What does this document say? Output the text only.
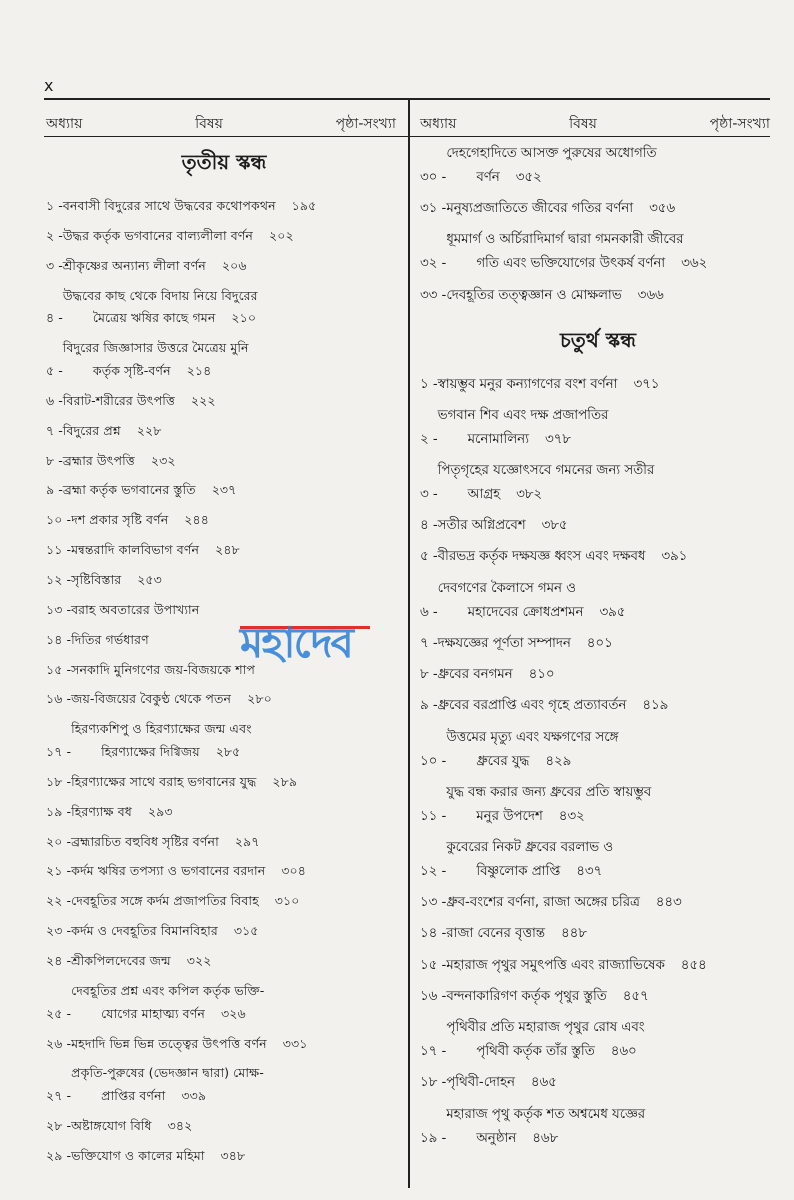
x
অধ্যায়	বিষয়	পৃষ্ঠা-সংখ্যা অধ্যায়	বিষয়	পৃষ্ঠা-সংখ্যা
তৃতীয় স্কন্ধ
১ - বনবাসী বিদুরের সাথে উদ্ধবের কথোপকথন ১৯৫
২ - উদ্ধর কর্তৃক ভগবানের বাল্যলীলা বর্ণন ২০২
৩ - শ্রীকৃষ্ণের অন্যান্য লীলা বর্ণন ২০৬
৪ -
উদ্ধবের কাছ থেকে বিদায় নিয়ে বিদুরের
মৈত্রেয় ঋষির কাছে গমন ২১০
৫ -
বিদুরের জিজ্ঞাসার উত্তরে মৈত্রেয় মুনি
কর্তৃক সৃষ্টি-বর্ণন ২১৪
৬ - বিরাট-শরীরের উৎপত্তি ২২২
৭ - বিদুরের প্রশ্ন ২২৮
৮ - ব্রহ্মার উৎপত্তি ২৩২
৯ - ব্রহ্মা কর্তৃক ভগবানের স্তুতি ২৩৭
১০ - দশ প্রকার সৃষ্টি বর্ণন ২৪৪
১১ - মন্বন্তরাদি কালবিভাগ বর্ণন ২৪৮
১২ - সৃষ্টিবিস্তার ২৫৩
১৩ - বরাহ অবতারের উপাখ্যান
১৪ - দিতির গর্ভধারণ
১৫ - সনকাদি মুনিগণের জয়-বিজয়কে শাপ
১৬ - জয়-বিজয়ের বৈকুণ্ঠ থেকে পতন ২৮০
১৭ -
হিরণ্যকশিপু ও হিরণ্যাক্ষের জন্ম এবং
হিরণ্যাক্ষের দিগ্বিজয় ২৮৫
১৮ - হিরণ্যাক্ষের সাথে বরাহ ভগবানের যুদ্ধ ২৮৯
১৯ - হিরণ্যাক্ষ বধ ২৯৩
২০ - ব্রহ্মারচিত বহুবিধ সৃষ্টির বর্ণনা ২৯৭
২১ - কর্দম ঋষির তপস্যা ও ভগবানের বরদান ৩০৪
২২ - দেবহূতির সঙ্গে কর্দম প্রজাপতির বিবাহ ৩১০
২৩ - কর্দম ও দেবহূতির বিমানবিহার ৩১৫
২৪ - শ্রীকপিলদেবের জন্ম ৩২২
২৫ -
দেবহূতির প্রশ্ন এবং কপিল কর্তৃক ভক্তি-
যোগের মাহাত্ম্য বর্ণন ৩২৬
২৬ - মহদাদি ভিন্ন ভিন্ন তত্ত্বের উৎপত্তি বর্ণন ৩৩১
২৭ -
প্রকৃতি-পুরুষের (ভেদজ্ঞান দ্বারা) মোক্ষ-
প্রাপ্তির বর্ণনা ৩৩৯
২৮ - অষ্টাঙ্গযোগ বিধি ৩৪২
২৯ - ভক্তিযোগ ও কালের মহিমা ৩৪৮
৩০ -
দেহগেহাদিতে আসক্ত পুরুষের অধোগতি
বর্ণন ৩৫২
৩১ - মনুষ্যপ্রজাতিতে জীবের গতির বর্ণনা ৩৫৬
৩২ -
ধূমমার্গ ও অর্চিরাদিমার্গ দ্বারা গমনকারী জীবের
গতি এবং ভক্তিযোগের উৎকর্ষ বর্ণনা ৩৬২
৩৩ - দেবহূতির তত্ত্বজ্ঞান ও মোক্ষলাভ ৩৬৬
চতুর্থ স্কন্ধ
১ - স্বায়ম্ভুব মনুর কন্যাগণের বংশ বর্ণনা ৩৭১
২ -
ভগবান শিব এবং দক্ষ প্রজাপতির
মনোমালিন্য ৩৭৮
৩ -
পিতৃগৃহের যজ্ঞোৎসবে গমনের জন্য সতীর
আগ্রহ ৩৮২
৪ - সতীর অগ্নিপ্রবেশ ৩৮৫
৫ - বীরভদ্র কর্তৃক দক্ষযজ্ঞ ধ্বংস এবং দক্ষবধ ৩৯১
৬ -
দেবগণের কৈলাসে গমন ও
মহাদেবের ক্রোধপ্রশমন ৩৯৫
৭ - দক্ষযজ্ঞের পূর্ণতা সম্পাদন ৪০১
৮ - ধ্রুবের বনগমন ৪১০
৯ - ধ্রুবের বরপ্রাপ্তি এবং গৃহে প্রত্যাবর্তন ৪১৯
১০ -
উত্তমের মৃত্যু এবং যক্ষগণের সঙ্গে
ধ্রুবের যুদ্ধ ৪২৯
১১ -
যুদ্ধ বন্ধ করার জন্য ধ্রুবের প্রতি স্বায়ম্ভুব
মনুর উপদেশ ৪৩২
১২ -
কুবেরের নিকট ধ্রুবের বরলাভ ও
বিষ্ণুলোক প্রাপ্তি ৪৩৭
১৩ - ধ্রুব-বংশের বর্ণনা, রাজা অঙ্গের চরিত্র ৪৪৩
১৪ - রাজা বেনের বৃত্তান্ত ৪৪৮
১৫ - মহারাজ পৃথুর সমুৎপত্তি এবং রাজ্যাভিষেক ৪৫৪
১৬ - বন্দনাকারিগণ কর্তৃক পৃথুর স্তুতি ৪৫৭
১৭ -
পৃথিবীর প্রতি মহারাজ পৃথুর রোষ এবং
পৃথিবী কর্তৃক তাঁর স্তুতি ৪৬০
১৮ - পৃথিবী-দোহন ৪৬৫
১৯ -
মহারাজ পৃথু কর্তৃক শত অশ্বমেধ যজ্ঞের
অনুষ্ঠান ৪৬৮
মহাদেব
